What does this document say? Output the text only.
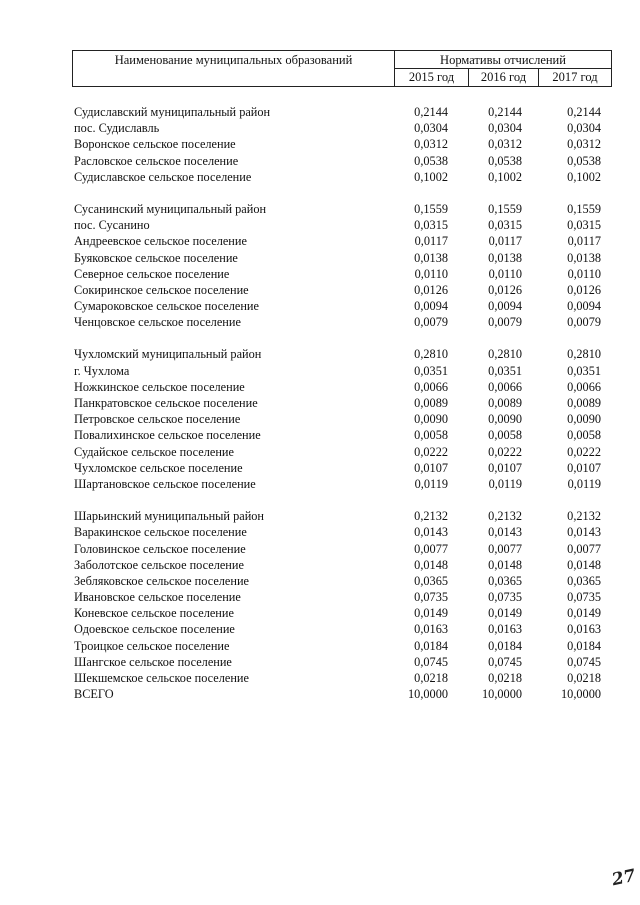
Наименование муниципальных образований	Нормативы отчислений
2015 год	2016 год	2017 год
Судиславский муниципальный район	0,2144	0,2144	0,2144
пос. Судиславль	0,0304	0,0304	0,0304
Воронское сельское поселение	0,0312	0,0312	0,0312
Расловское сельское поселение	0,0538	0,0538	0,0538
Судиславское сельское поселение	0,1002	0,1002	0,1002
Сусанинский муниципальный район	0,1559	0,1559	0,1559
пос. Сусанино	0,0315	0,0315	0,0315
Андреевское сельское поселение	0,0117	0,0117	0,0117
Буяковское сельское поселение	0,0138	0,0138	0,0138
Северное сельское поселение	0,0110	0,0110	0,0110
Сокиринское сельское поселение	0,0126	0,0126	0,0126
Сумароковское сельское поселение	0,0094	0,0094	0,0094
Ченцовское сельское поселение	0,0079	0,0079	0,0079
Чухломский муниципальный район	0,2810	0,2810	0,2810
г. Чухлома	0,0351	0,0351	0,0351
Ножкинское сельское поселение	0,0066	0,0066	0,0066
Панкратовское сельское поселение	0,0089	0,0089	0,0089
Петровское сельское поселение	0,0090	0,0090	0,0090
Повалихинское сельское поселение	0,0058	0,0058	0,0058
Судайское сельское поселение	0,0222	0,0222	0,0222
Чухломское сельское поселение	0,0107	0,0107	0,0107
Шартановское сельское поселение	0,0119	0,0119	0,0119
Шарьинский муниципальный район	0,2132	0,2132	0,2132
Варакинское сельское поселение	0,0143	0,0143	0,0143
Головинское сельское поселение	0,0077	0,0077	0,0077
Заболотское сельское поселение	0,0148	0,0148	0,0148
Зебляковское сельское поселение	0,0365	0,0365	0,0365
Ивановское сельское поселение	0,0735	0,0735	0,0735
Коневское сельское поселение	0,0149	0,0149	0,0149
Одоевское сельское поселение	0,0163	0,0163	0,0163
Троицкое сельское поселение	0,0184	0,0184	0,0184
Шангское сельское поселение	0,0745	0,0745	0,0745
Шекшемское сельское поселение	0,0218	0,0218	0,0218
ВСЕГО	10,0000	10,0000	10,0000
27
